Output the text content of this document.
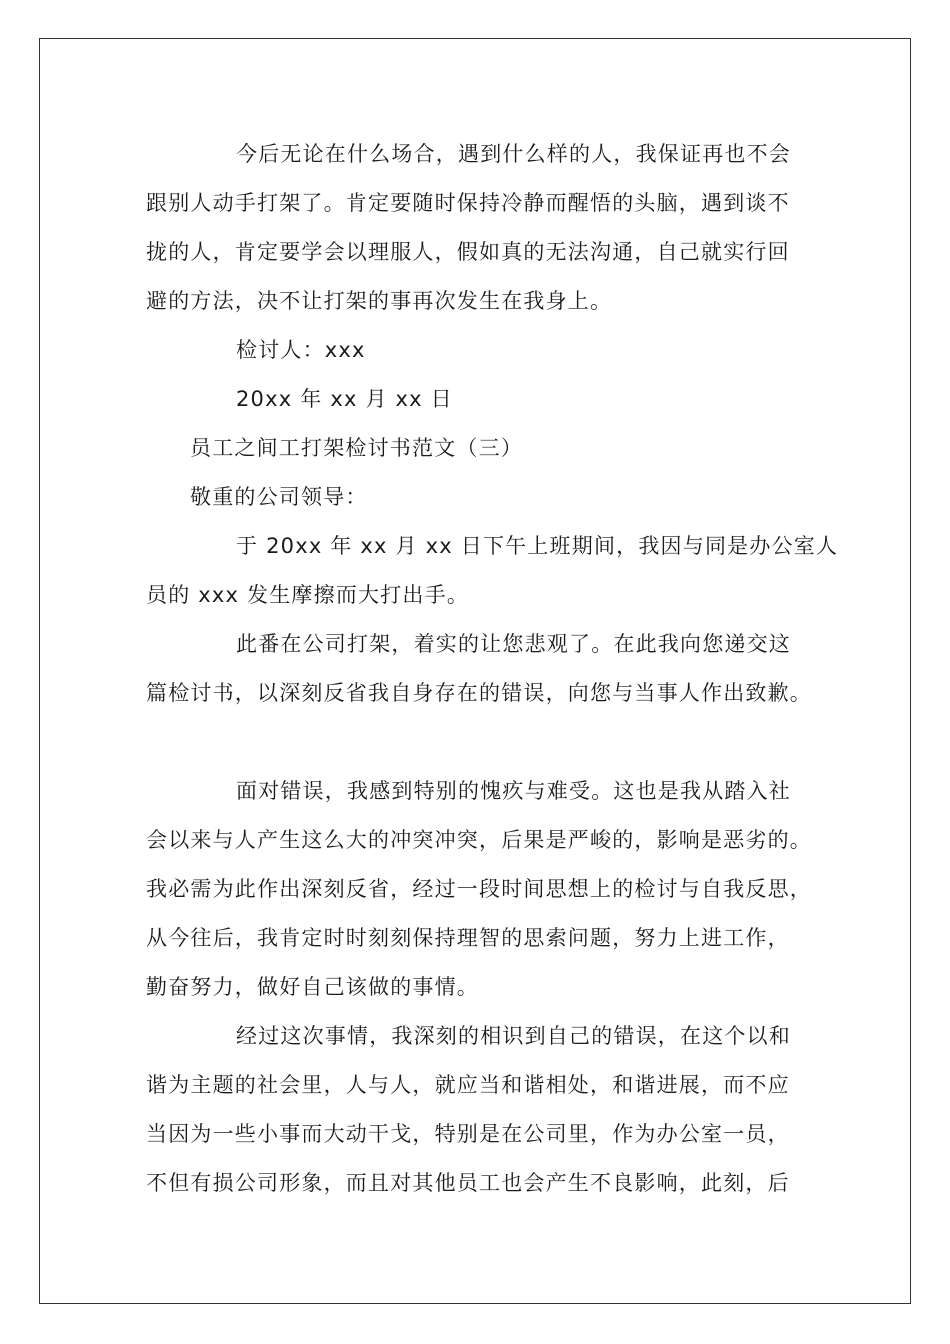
今后无论在什么场合，遇到什么样的人，我保证再也不会
跟别人动手打架了。肯定要随时保持冷静而醒悟的头脑，遇到谈不
拢的人，肯定要学会以理服人，假如真的无法沟通，自己就实行回
避的方法，决不让打架的事再次发生在我身上。
检讨人：xxx
20xx 年 xx 月 xx 日
员工之间工打架检讨书范文（三）
敬重的公司领导：
于 20xx 年 xx 月 xx 日下午上班期间，我因与同是办公室人
员的 xxx 发生摩擦而大打出手。
此番在公司打架，着实的让您悲观了。在此我向您递交这
篇检讨书，以深刻反省我自身存在的错误，向您与当事人作出致歉。
面对错误，我感到特别的愧疚与难受。这也是我从踏入社
会以来与人产生这么大的冲突冲突，后果是严峻的，影响是恶劣的。
我必需为此作出深刻反省，经过一段时间思想上的检讨与自我反思，
从今往后，我肯定时时刻刻保持理智的思索问题，努力上进工作，
勤奋努力，做好自己该做的事情。
经过这次事情，我深刻的相识到自己的错误，在这个以和
谐为主题的社会里，人与人，就应当和谐相处，和谐进展，而不应
当因为一些小事而大动干戈，特别是在公司里，作为办公室一员，
不但有损公司形象，而且对其他员工也会产生不良影响，此刻，后
